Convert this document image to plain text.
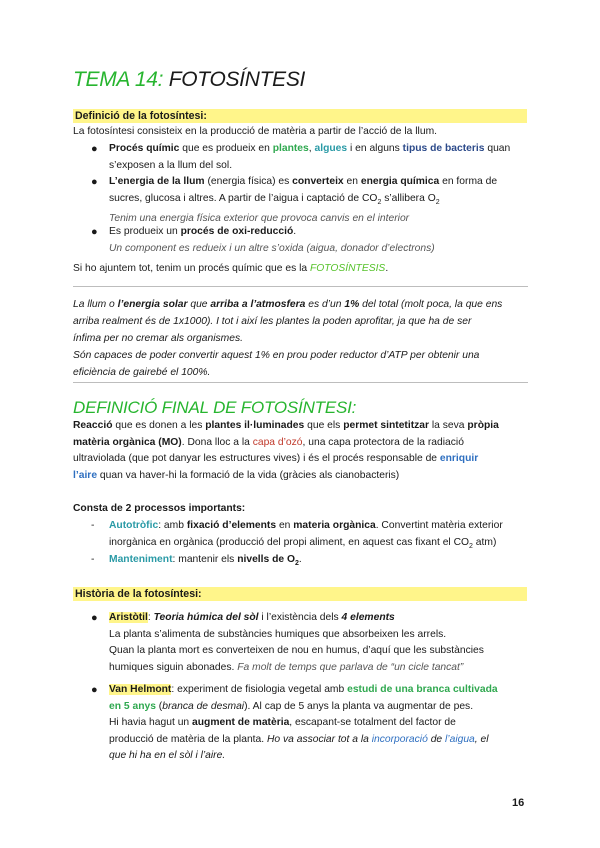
TEMA 14: FOTOSÍNTESI
Definició de la fotosíntesi:
La fotosíntesi consisteix en la producció de matèria a partir de l’acció de la llum.
● Procés químic que es produeix en plantes, algues i en alguns tipus de bacteris quan
s’exposen a la llum del sol.
● L’energia de la llum (energia física) es converteix en energia química en forma de
sucres, glucosa i altres. A partir de l’aigua i captació de $CO_2$ s’allibera $O_2$
Tenim una energia física exterior que provoca canvis en el interior
● Es produeix un procés de oxi-reducció.
Un component es redueix i un altre s’oxida (aigua, donador d’electrons)
Si ho ajuntem tot, tenim un procés químic que es la FOTOSÍNTESIS.
La llum o l’energia solar que arriba a l’atmosfera es d’un 1% del total (molt poca, la que ens
arriba realment és de 1x1000). I tot i així les plantes la poden aprofitar, ja que ha de ser
ínfima per no cremar als organismes.
Són capaces de poder convertir aquest 1% en prou poder reductor d’ATP per obtenir una
eficiència de gairebé el 100%.
DEFINICIÓ FINAL DE FOTOSÍNTESI:
Reacció que es donen a les plantes il·luminades que els permet sintetitzar la seva pròpia
matèria orgànica (MO). Dona lloc a la capa d’ozó, una capa protectora de la radiació
ultraviolada (que pot danyar les estructures vives) i és el procés responsable de enriquir
l’aire quan va haver-hi la formació de la vida (gràcies als cianobacteris)
Consta de 2 processos importants:
- Autotròfic: amb fixació d’elements en materia orgànica. Convertint matèria exterior
inorgànica en orgànica (producció del propi aliment, en aquest cas fixant el $CO_2$ atm)
- Manteniment: mantenir els nivells de $O_2$.
Història de la fotosíntesi:
● Aristòtil: Teoria húmica del sòl i l’existència dels 4 elements
La planta s’alimenta de substàncies humiques que absorbeixen les arrels.
Quan la planta mort es converteixen de nou en humus, d’aquí que les substàncies
humiques siguin abonades. Fa molt de temps que parlava de “un cicle tancat”
● Van Helmont: experiment de fisiologia vegetal amb estudi de una branca cultivada
en 5 anys (branca de desmai). Al cap de 5 anys la planta va augmentar de pes.
Hi havia hagut un augment de matèria, escapant-se totalment del factor de
producció de matèria de la planta. Ho va associar tot a la incorporació de l’aigua, el
que hi ha en el sòl i l’aire.
16
